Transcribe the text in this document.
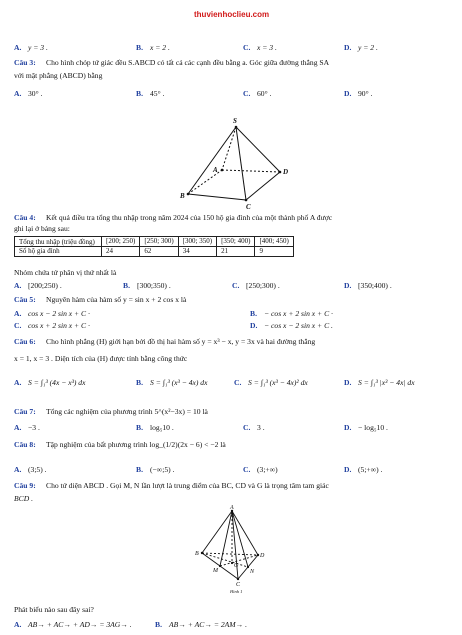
thuvienhoclieu.com
A. y = 3 .	B. x = 2 .	C. x = 3 .	D. y = 2 .
Câu 3: Cho hình chóp tứ giác đều S.ABCD có tất cả các cạnh đều bằng a. Góc giữa đường thẳng SA
với mặt phẳng (ABCD) bằng
A. 30° .	B. 45° .	C. 60° .	D. 90° .
S
A
B
C
D
Câu 4: Kết quả điều tra tổng thu nhập trong năm 2024 của 150 hộ gia đình của một thành phố A được
ghi lại ở bảng sau:
Tổng thu nhập (triệu đồng)	[200; 250)	[250; 300)	[300; 350)	[350; 400)	[400; 450)
Số hộ gia đình	24	62	34	21	9
Nhóm chứa tứ phân vị thứ nhất là
A. [200;250) .	B. [300;350) .	C. [250;300) .	D. [350;400) .
Câu 5: Nguyên hàm của hàm số y = sin x + 2 cos x là
A. cos x − 2 sin x + C ·	B. − cos x + 2 sin x + C ·
C. cos x + 2 sin x + C ·	D. − cos x − 2 sin x + C .
Câu 6: Cho hình phẳng (H) giới hạn bởi đồ thị hai hàm số y = x³ − x, y = 3x và hai đường thẳng
x = 1, x = 3 . Diện tích của (H) được tính bằng công thức
A. S = ∫₁³ (4x − x³) dx	B. S = ∫₁³ (x³ − 4x) dx	C. S = ∫₁³ (x³ − 4x)² dx	D. S = ∫₁³ |x³ − 4x| dx
Câu 7: Tổng các nghiệm của phương trình 5^(x²−3x) = 10 là
A. −3 .	B. log₅10 .	C. 3 .	D. − log₅10 .
Câu 8: Tập nghiệm của bất phương trình log_(1/2)(2x − 6) < −2 là
A. (3;5) .	B. (−∞;5) .	C. (3;+∞)	D. (5;+∞) .
Câu 9: Cho tứ diện ABCD . Gọi M, N lần lượt là trung điểm của BC, CD và G là trọng tâm tam giác
BCD .
A
B
C
D
M	N
G
Hình 1
Phát biểu nào sau đây sai?
A. AB→ + AC→ + AD→ = 3AG→ .	B. AB→ + AC→ = 2AM→ .
